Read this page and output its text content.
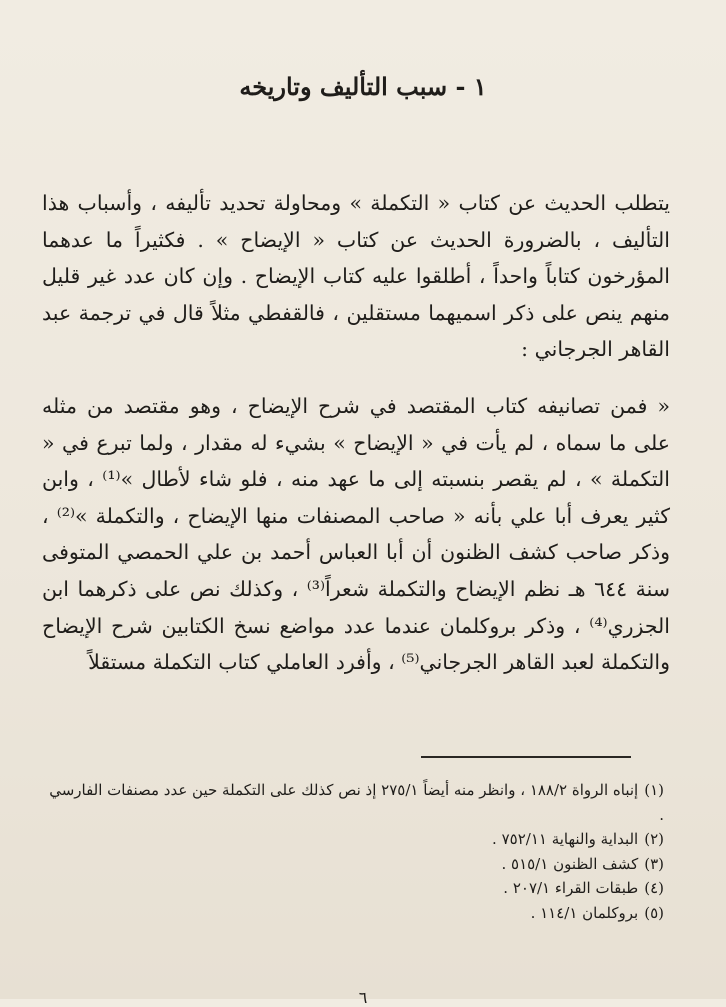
١ - سبب التأليف وتاريخه

يتطلب الحديث عن كتاب « التكملة » ومحاولة تحديد تأليفه ، وأسباب هذا التأليف ، بالضرورة الحديث عن كتاب « الإيضاح » . فكثيراً ما عدهما المؤرخون كتاباً واحداً ، أطلقوا عليه كتاب الإيضاح . وإن كان عدد غير قليل منهم ينص على ذكر اسميهما مستقلين ، فالقفطي مثلاً قال في ترجمة عبد القاهر الجرجاني :

« فمن تصانيفه كتاب المقتصد في شرح الإيضاح ، وهو مقتصد من مثله على ما سماه ، لم يأت في « الإيضاح » بشيء له مقدار ، ولما تبرع في « التكملة » ، لم يقصر بنسبته إلى ما عهد منه ، فلو شاء لأطال »⁽¹⁾ ، وابن كثير يعرف أبا علي بأنه « صاحب المصنفات منها الإيضاح ، والتكملة »⁽²⁾ ، وذكر صاحب كشف الظنون أن أبا العباس أحمد بن علي الحمصي المتوفى سنة ٦٤٤ هـ نظم الإيضاح والتكملة شعراً⁽³⁾ ، وكذلك نص على ذكرهما ابن الجزري⁽⁴⁾ ، وذكر بروكلمان عندما عدد مواضع نسخ الكتابين شرح الإيضاح والتكملة لعبد القاهر الجرجاني⁽⁵⁾ ، وأفرد العاملي كتاب التكملة مستقلاً

(١)إنباه الرواة ١٨٨/٢ ، وانظر منه أيضاً ٢٧٥/١ إذ نص كذلك على التكملة حين عدد مصنفات الفارسي .

(٢)البداية والنهاية ٧٥٢/١١ .

(٣)كشف الظنون ٥١٥/١ .

(٤)طبقات القراء ٢٠٧/١ .

(٥)بروكلمان ١١٤/١ .

٦
